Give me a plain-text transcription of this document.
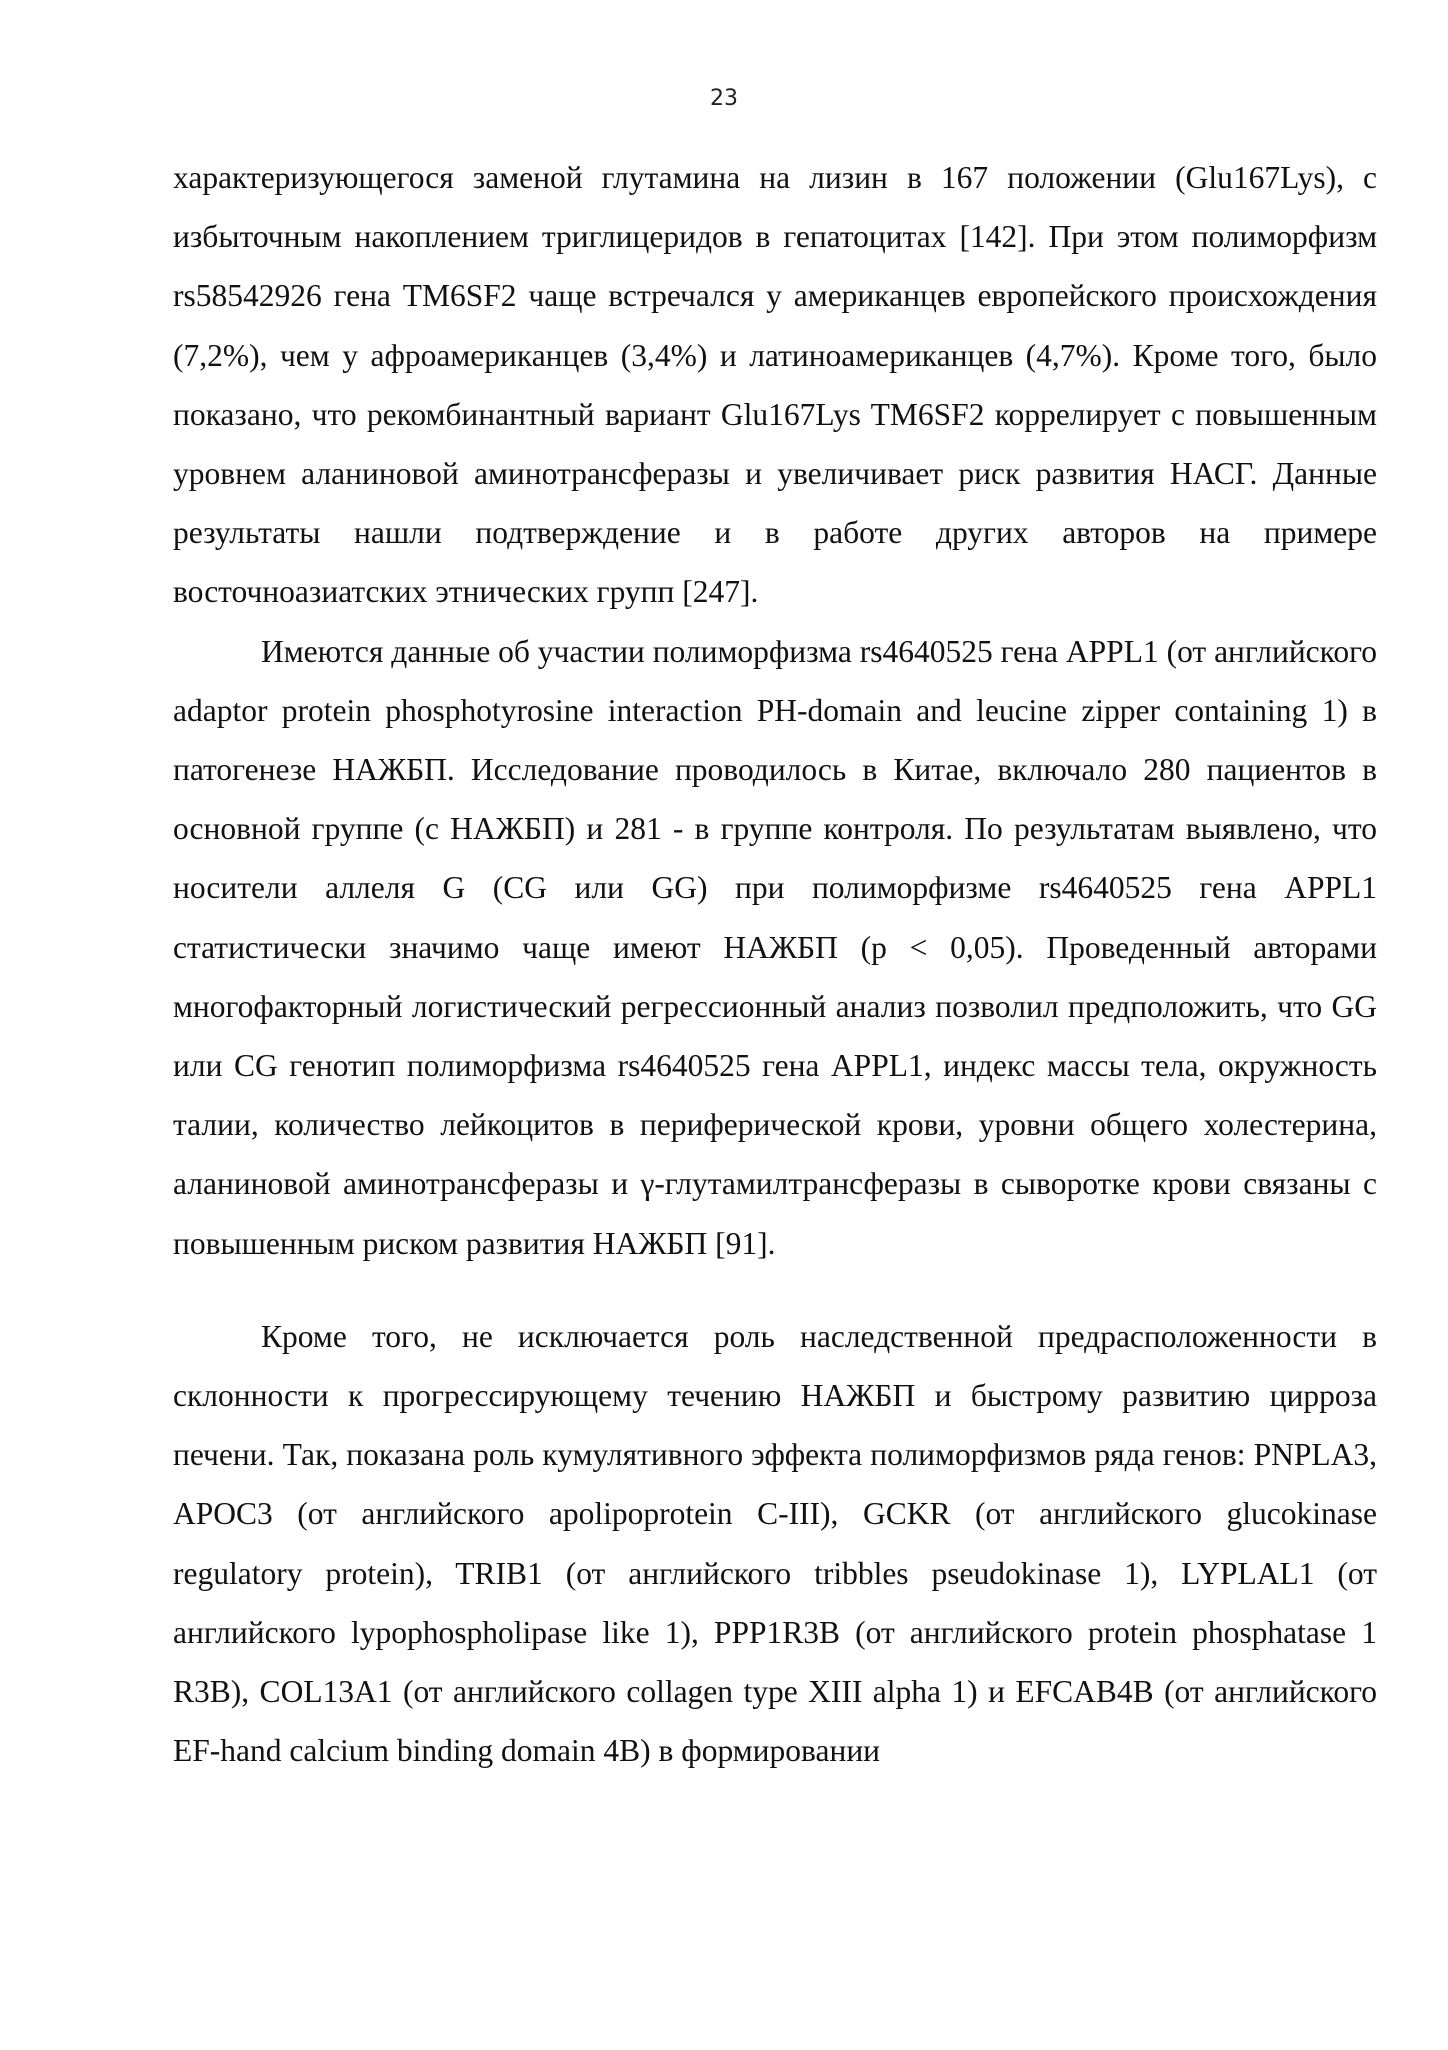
23

характеризующегося заменой глутамина на лизин в 167 положении (Glu167Lys), с избыточным накоплением триглицеридов в гепатоцитах [142]. При этом полиморфизм rs58542926 гена TM6SF2 чаще встречался у американцев европейского происхождения (7,2%), чем у афроамериканцев (3,4%) и латиноамериканцев (4,7%). Кроме того, было показано, что рекомбинантный вариант Glu167Lys TM6SF2 коррелирует с повышенным уровнем аланиновой аминотрансферазы и увеличивает риск развития НАСГ. Данные результаты нашли подтверждение и в работе других авторов на примере восточноазиатских этнических групп [247].

Имеются данные об участии полиморфизма rs4640525 гена APPL1 (от английского adaptor protein phosphotyrosine interaction PH-domain and leucine zipper containing 1) в патогенезе НАЖБП. Исследование проводилось в Китае, включало 280 пациентов в основной группе (с НАЖБП) и 281 - в группе контроля. По результатам выявлено, что носители аллеля G (CG или GG) при полиморфизме rs4640525 гена APPL1 статистически значимо чаще имеют НАЖБП (p < 0,05). Проведенный авторами многофакторный логистический регрессионный анализ позволил предположить, что GG или CG генотип полиморфизма rs4640525 гена APPL1, индекс массы тела, окружность талии, количество лейкоцитов в периферической крови, уровни общего холестерина, аланиновой аминотрансферазы и γ-глутамилтрансферазы в сыворотке крови связаны с повышенным риском развития НАЖБП [91].

Кроме того, не исключается роль наследственной предрасположенности в склонности к прогрессирующему течению НАЖБП и быстрому развитию цирроза печени. Так, показана роль кумулятивного эффекта полиморфизмов ряда генов: PNPLA3, APOC3 (от английского apolipoprotein C-III), GCKR (от английского glucokinase regulatory protein), TRIB1 (от английского tribbles pseudokinase 1), LYPLAL1 (от английского lypophospholipase like 1), PPP1R3B (от английского protein phosphatase 1 R3B), COL13A1 (от английского collagen type XIII alpha 1) и EFCAB4B (от английского EF-hand calcium binding domain 4B) в формировании
